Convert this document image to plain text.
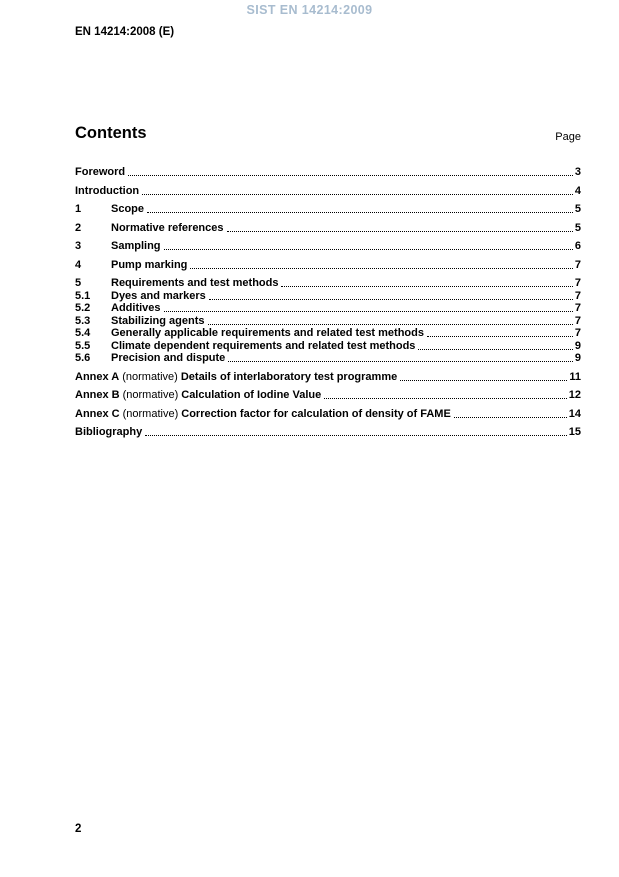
SIST EN 14214:2009
EN 14214:2008 (E)
Contents	Page
Foreword	3
Introduction	4
1	Scope	5
2	Normative references	5
3	Sampling	6
4	Pump marking	7
5	Requirements and test methods	7
5.1	Dyes and markers	7
5.2	Additives	7
5.3	Stabilizing agents	7
5.4	Generally applicable requirements and related test methods	7
5.5	Climate dependent requirements and related test methods	9
5.6	Precision and dispute	9
Annex A (normative) Details of interlaboratory test programme	11
Annex B (normative) Calculation of Iodine Value	12
Annex C (normative) Correction factor for calculation of density of FAME	14
Bibliography	15
2
